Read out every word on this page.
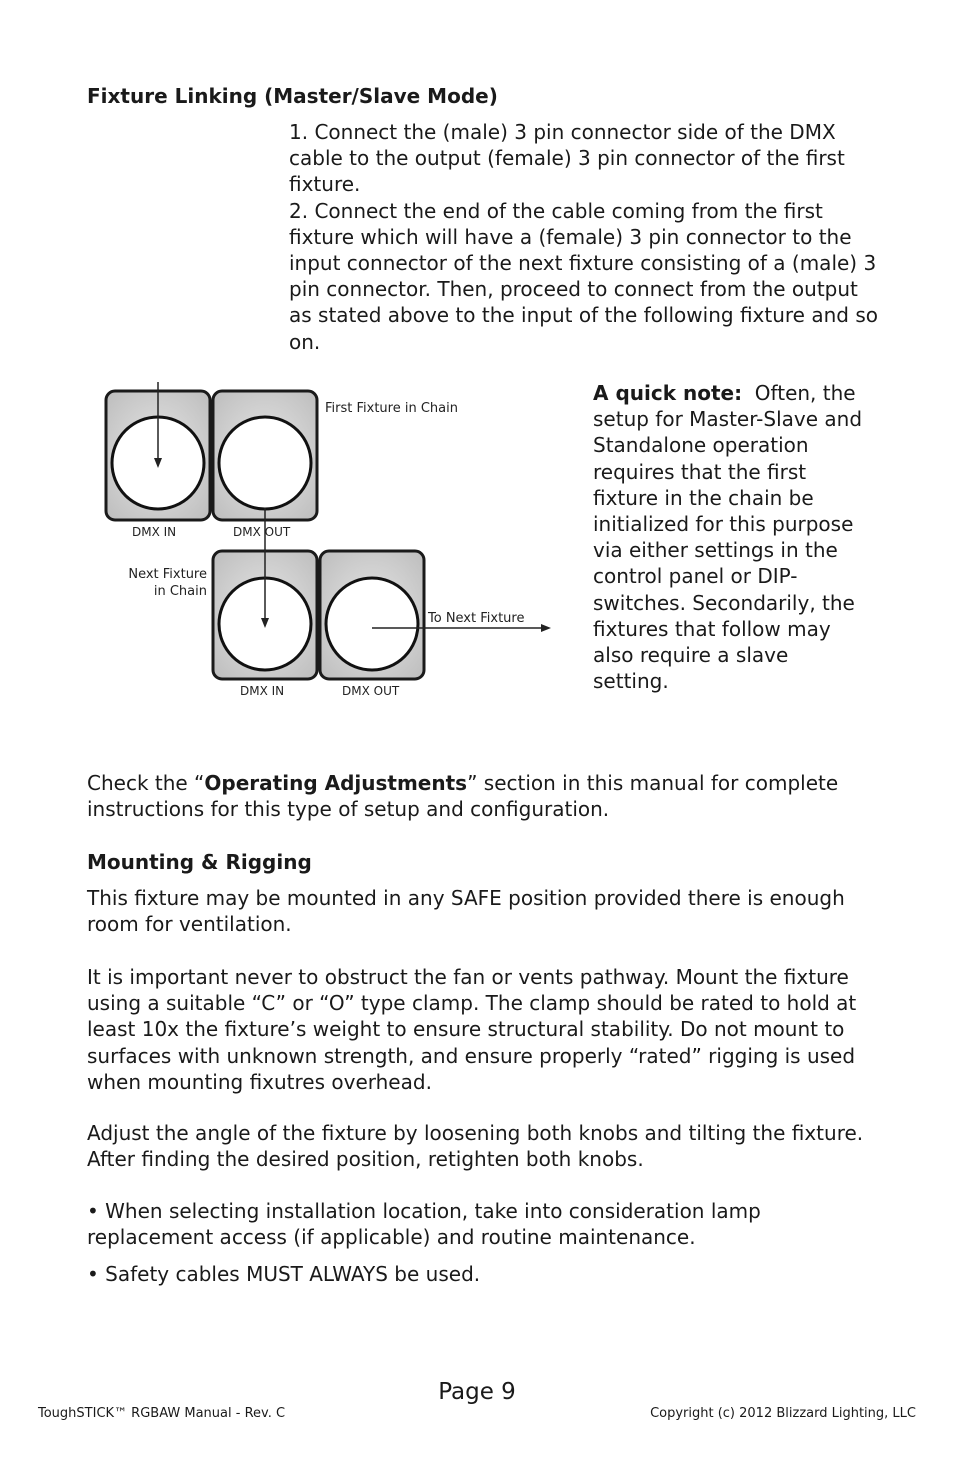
Fixture Linking (Master/Slave Mode)

1. Connect the (male) 3 pin connector side of the DMX cable to the output (female) 3 pin connector of the first fixture.

2. Connect the end of the cable coming from the first fixture which will have a (female) 3 pin connector to the input connector of the next fixture consisting of a (male) 3 pin connector. Then, proceed to connect from the output as stated above to the input of the following fixture and so on.

First Fixture in Chain
DMX IN	DMX OUT
Next Fixture
in Chain
To Next Fixture
DMX IN	DMX OUT
A quick note: Often, the setup for Master-Slave and Standalone operation requires that the first fixture in the chain be initialized for this purpose via either settings in the control panel or DIP-switches. Secondarily, the fixtures that follow may also require a slave setting.
Check the “Operating Adjustments” section in this manual for complete instructions for this type of setup and configuration.
Mounting & Rigging
This fixture may be mounted in any SAFE position provided there is enough room for ventilation.
It is important never to obstruct the fan or vents pathway. Mount the fixture using a suitable “C” or “O” type clamp. The clamp should be rated to hold at least 10x the fixture’s weight to ensure structural stability. Do not mount to surfaces with unknown strength, and ensure properly “rated” rigging is used when mounting fixutres overhead.
Adjust the angle of the fixture by loosening both knobs and tilting the fixture. After finding the desired position, retighten both knobs.
• When selecting installation location, take into consideration lamp replacement access (if applicable) and routine maintenance.
• Safety cables MUST ALWAYS be used.
Page 9
ToughSTICK™ RGBAW Manual - Rev. C	Copyright (c) 2012 Blizzard Lighting, LLC
